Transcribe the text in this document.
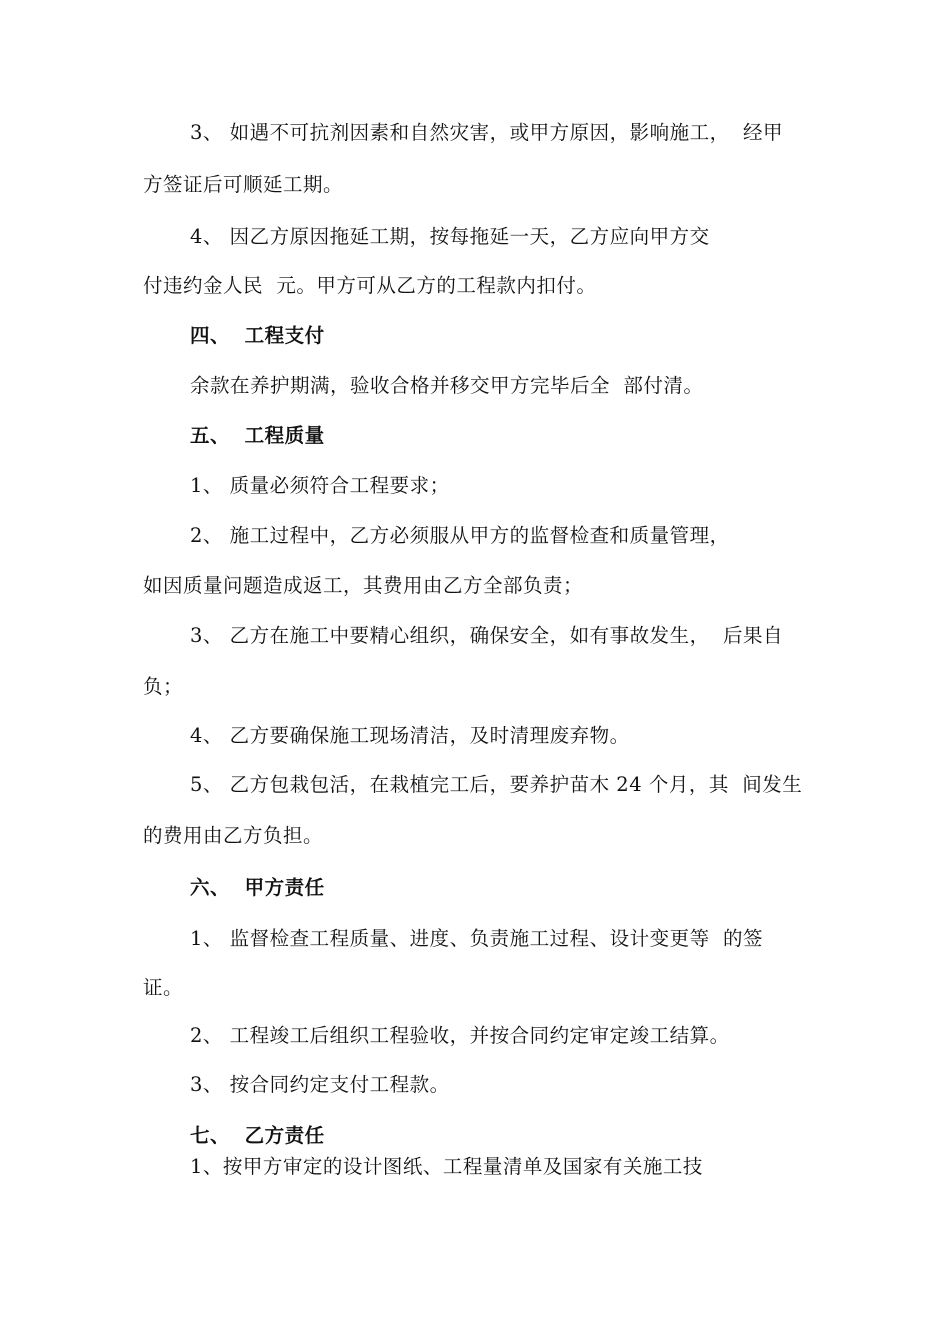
3、 如遇不可抗剂因素和自然灾害，或甲方原因，影响施工，  经甲
方签证后可顺延工期。
4、 因乙方原因拖延工期，按每拖延一天，乙方应向甲方交
付违约金人民  元。甲方可从乙方的工程款内扣付。
四、  工程支付
余款在养护期满，验收合格并移交甲方完毕后全  部付清。
五、  工程质量
1、 质量必须符合工程要求；
2、 施工过程中，乙方必须服从甲方的监督检查和质量管理，
如因质量问题造成返工，其费用由乙方全部负责；
3、 乙方在施工中要精心组织，确保安全，如有事故发生，  后果自
负；
4、 乙方要确保施工现场清洁，及时清理废弃物。
5、 乙方包栽包活，在栽植完工后，要养护苗木 24 个月，其  间发生
的费用由乙方负担。
六、  甲方责任
1、 监督检查工程质量、进度、负责施工过程、设计变更等  的签
证。
2、 工程竣工后组织工程验收，并按合同约定审定竣工结算。
3、 按合同约定支付工程款。
七、  乙方责任
1、按甲方审定的设计图纸、工程量清单及国家有关施工技
